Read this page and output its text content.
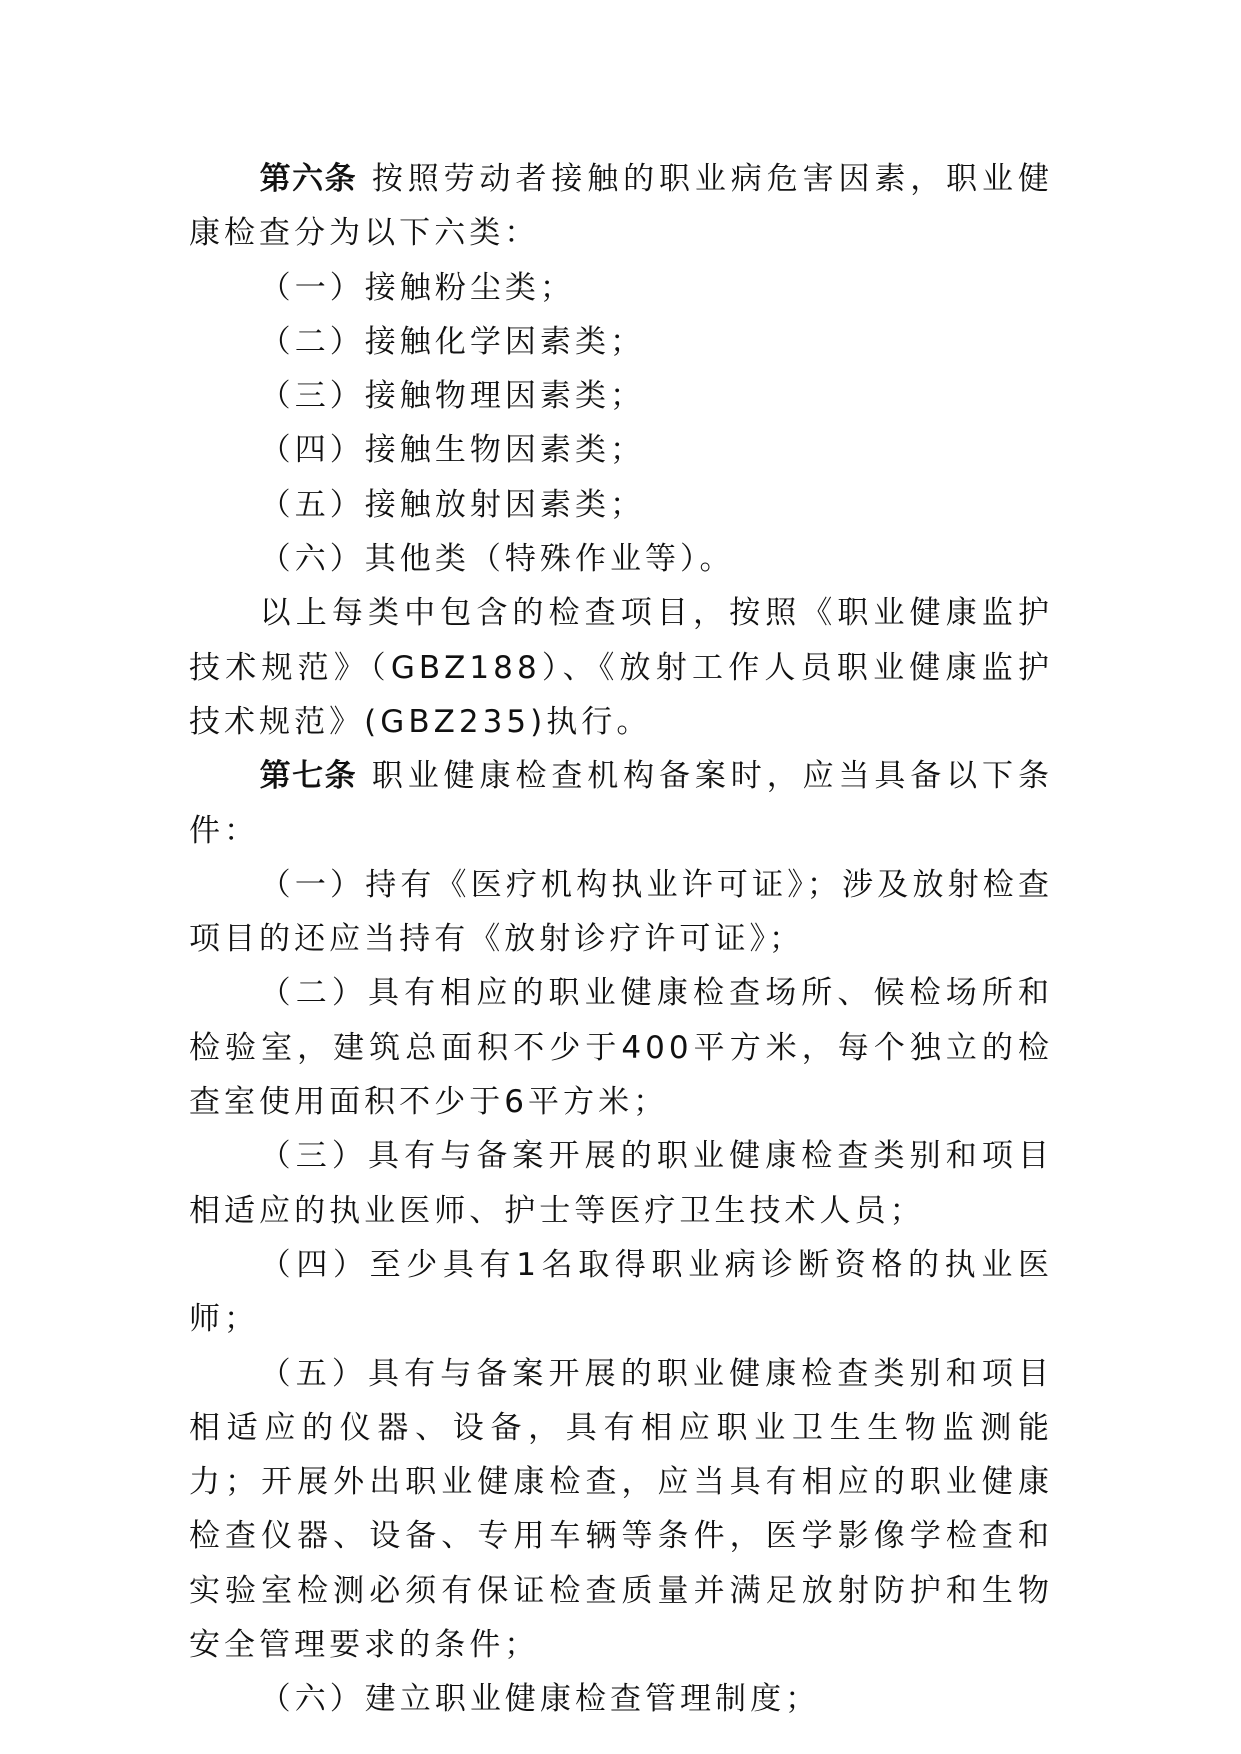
第六条 按照劳动者接触的职业病危害因素，职业健康检查分为以下六类：

（一）接触粉尘类；

（二）接触化学因素类；

（三）接触物理因素类；

（四）接触生物因素类；

（五）接触放射因素类；

（六）其他类（特殊作业等）。

以上每类中包含的检查项目，按照《职业健康监护技术规范》（GBZ188）、《放射工作人员职业健康监护技术规范》(GBZ235)执行。

第七条 职业健康检查机构备案时，应当具备以下条件：

（一）持有《医疗机构执业许可证》；涉及放射检查项目的还应当持有《放射诊疗许可证》；

（二）具有相应的职业健康检查场所、候检场所和检验室，建筑总面积不少于400平方米，每个独立的检查室使用面积不少于6平方米；

（三）具有与备案开展的职业健康检查类别和项目相适应的执业医师、护士等医疗卫生技术人员；

（四）至少具有1名取得职业病诊断资格的执业医师；

（五）具有与备案开展的职业健康检查类别和项目相适应的仪器、设备，具有相应职业卫生生物监测能力；开展外出职业健康检查，应当具有相应的职业健康检查仪器、设备、专用车辆等条件，医学影像学检查和实验室检测必须有保证检查质量并满足放射防护和生物安全管理要求的条件；

（六）建立职业健康检查管理制度；
